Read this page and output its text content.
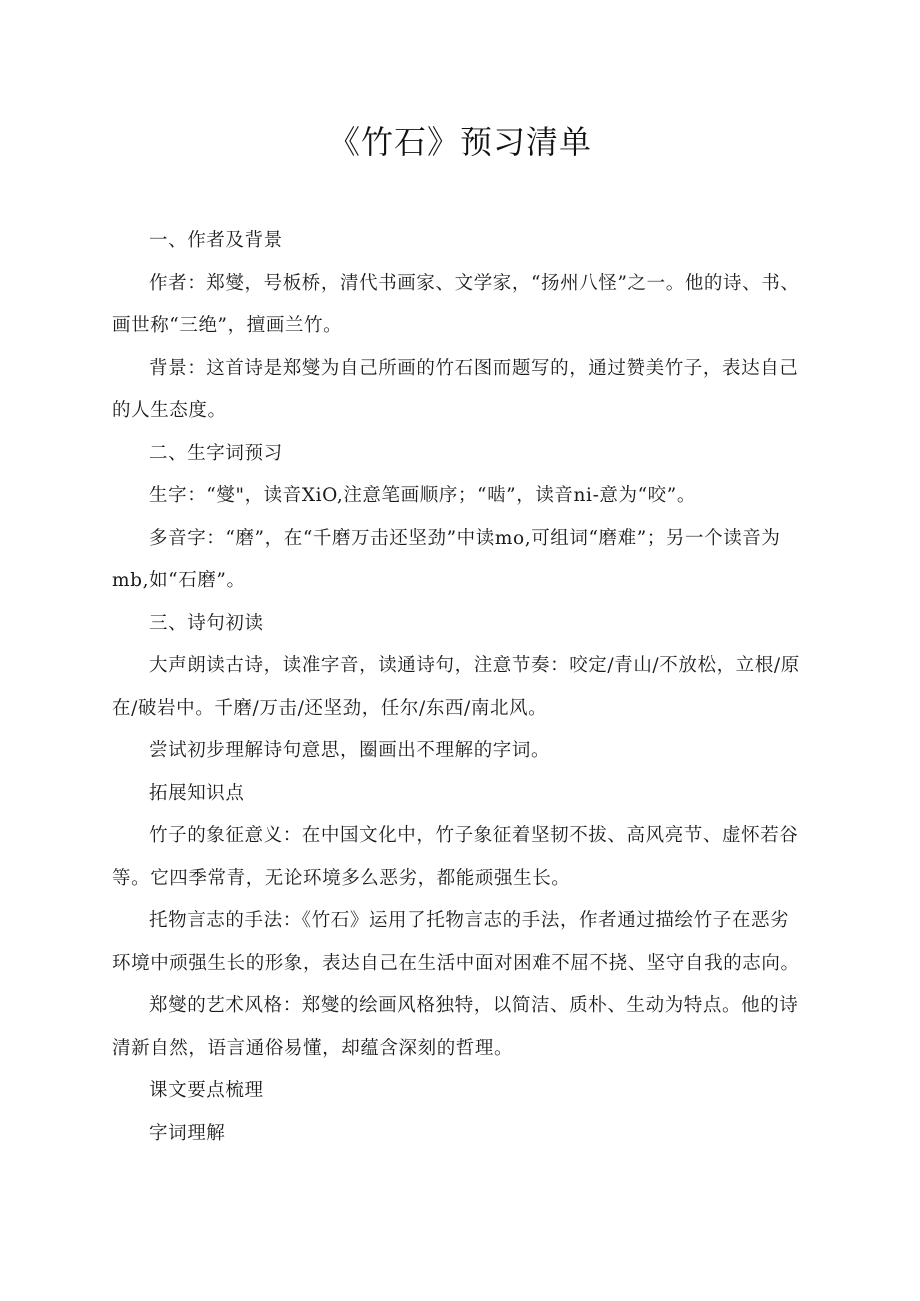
《竹石》预习清单

一、作者及背景

作者：郑燮，号板桥，清代书画家、文学家，“扬州八怪”之一。他的诗、书、画世称“三绝”，擅画兰竹。

背景：这首诗是郑燮为自己所画的竹石图而题写的，通过赞美竹子，表达自己的人生态度。

二、生字词预习

生字：“燮"，读音XiO,注意笔画顺序；“啮”，读音ni-意为“咬”。

多音字：“磨”，在“千磨万击还坚劲”中读mo,可组词“磨难”；另一个读音为mb,如“石磨”。

三、诗句初读

大声朗读古诗，读准字音，读通诗句，注意节奏：咬定/青山/不放松，立根/原在/破岩中。千磨/万击/还坚劲，任尔/东西/南北风。

尝试初步理解诗句意思，圈画出不理解的字词。

拓展知识点

竹子的象征意义：在中国文化中，竹子象征着坚韧不拔、高风亮节、虚怀若谷等。它四季常青，无论环境多么恶劣，都能顽强生长。

托物言志的手法：《竹石》运用了托物言志的手法，作者通过描绘竹子在恶劣环境中顽强生长的形象，表达自己在生活中面对困难不屈不挠、坚守自我的志向。

郑燮的艺术风格：郑燮的绘画风格独特，以简洁、质朴、生动为特点。他的诗清新自然，语言通俗易懂，却蕴含深刻的哲理。

课文要点梳理

字词理解
